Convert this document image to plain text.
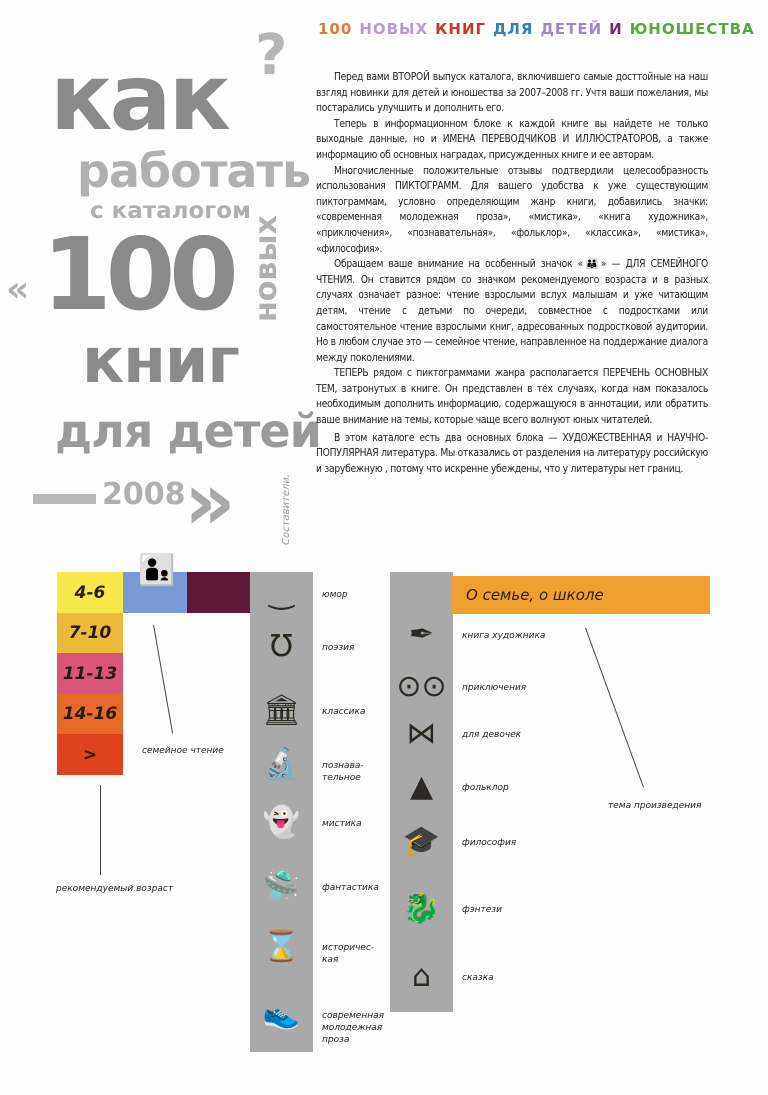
100 НОВЫХ КНИГ ДЛЯ ДЕТЕЙ И ЮНОШЕСТВА
как ?
работать
с каталогом
« 100 новых
книг
для детей
2008
»	Составители.

Перед вами ВТОРОЙ выпуск каталога, включившего самые досттойные на наш взгляд новинки для детей и юношества за 2007–2008 гг. Учтя ваши пожелания, мы постарались улучшить и дополнить его.

Теперь в информационном блоке к каждой книге вы найдете не только выходные данные, но и ИМЕНА ПЕРЕВОДЧИКОВ И ИЛЛЮСТРАТОРОВ, а также информацию об основных наградах, присужденных книге и ее авторам.

Многочисленные положительные отзывы подтвердили целесообразность использования ПИКТОГРАММ. Для вашего удобства к уже существующим пиктограммам, условно определяющим жанр книги, добавились значки: «современная молодежная проза», «мистика», «книга художника», «приключения», «познавательная», «фольклор», «классика», «мистика», «философия».

Обращаем ваше внимание на особенный значок «👪» — ДЛЯ СЕМЕЙНОГО ЧТЕНИЯ. Он ставится рядом со значком рекомендуемого возраста и в разных случаях означает разное: чтение взрослыми вслух малышам и уже читающим детям, чтение с детьми по очереди, совместное с подростками или самостоятельное чтение взрослыми книг, адресованных подростковой аудитории. Но в любом случае это — семейное чтение, направленное на поддержание диалога между поколениями.

ТЕПЕРЬ рядом с пиктограммами жанра располагается ПЕРЕЧЕНЬ ОСНОВНЫХ ТЕМ, затронутых в книге. Он представлен в тех случаях, когда нам показалось необходимым дополнить информацию, содержащуюся в аннотации, или обратить ваше внимание на темы, которые чаще всего волнуют юных читателей.

В этом каталоге есть два основных блока — ХУДОЖЕСТВЕННАЯ и НАУЧНО-ПОПУЛЯРНАЯ литература. Мы отказались от разделения на литературу российскую и зарубежную , потому что искренне убеждены, что у литературы нет границ.

4-6
7-10
11-13
14-16
>
🧑‍🧒
О семье, о школе
‿	юмор
Ʊ	поэзия
🏛	классика
🔬	познава-
тельное
👻	мистика
🛸	фантастика
⌛	историчес-
кая
👟	современная
молодежная
проза
✒	книга художника
⊙⊙	приключения
⋈	для девочек
▲	фольклор
🎓	философия
🐉	фэнтези
⌂	сказка
семейное чтение
рекомендуемый возраст
тема произведения
